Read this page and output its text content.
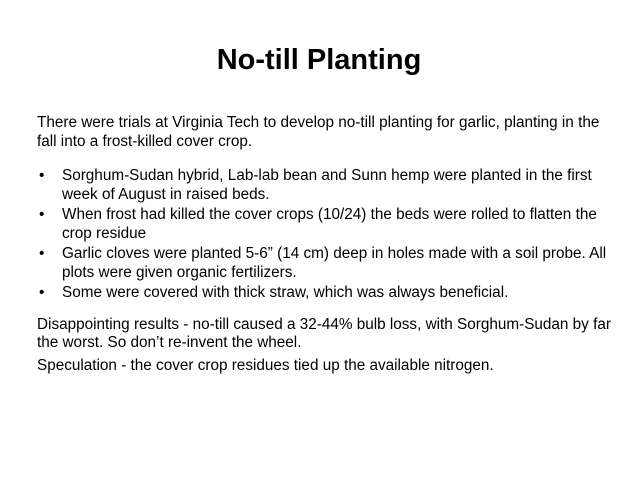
No-till Planting

There were trials at Virginia Tech to develop no-till planting for garlic, planting in the fall into a frost-killed cover crop.

• Sorghum-Sudan hybrid, Lab-lab bean and Sunn hemp were planted in the first week of August in raised beds.
• When frost had killed the cover crops (10/24) the beds were rolled to flatten the crop residue
• Garlic cloves were planted 5-6” (14 cm) deep in holes made with a soil probe. All plots were given organic fertilizers.
• Some were covered with thick straw, which was always beneficial.

Disappointing results - no-till caused a 32-44% bulb loss, with Sorghum-Sudan by far the worst. So don’t re-invent the wheel.

Speculation - the cover crop residues tied up the available nitrogen.
